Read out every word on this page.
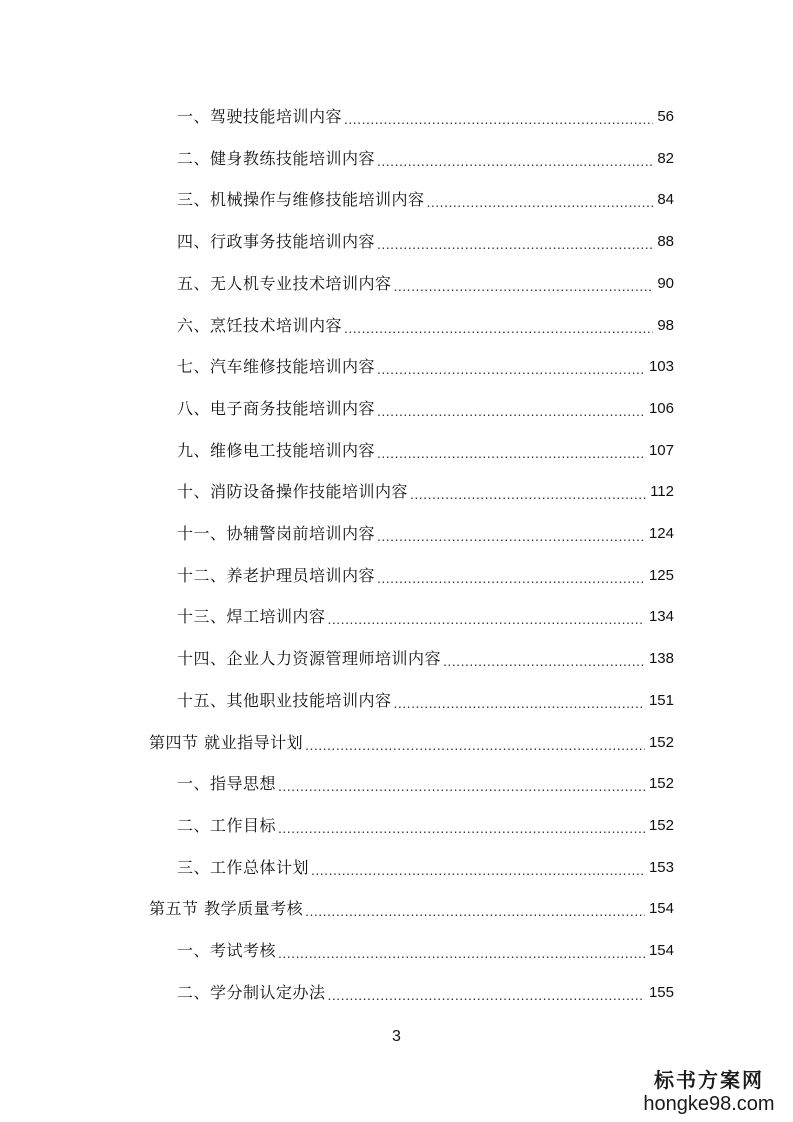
一、驾驶技能培训内容 .....	56
二、健身教练技能培训内容 .....	82
三、机械操作与维修技能培训内容 .....	84
四、行政事务技能培训内容 .....	88
五、无人机专业技术培训内容 .....	90
六、烹饪技术培训内容 .....	98
七、汽车维修技能培训内容 .....	103
八、电子商务技能培训内容 .....	106
九、维修电工技能培训内容 .....	107
十、消防设备操作技能培训内容 .....	112
十一、协辅警岗前培训内容 .....	124
十二、养老护理员培训内容 .....	125
十三、焊工培训内容 .....	134
十四、企业人力资源管理师培训内容 .....	138
十五、其他职业技能培训内容 .....	151
第四节 就业指导计划 .....	152
一、指导思想 .....	152
二、工作目标 .....	152
三、工作总体计划 .....	153
第五节 教学质量考核 .....	154
一、考试考核 .....	154
二、学分制认定办法 .....	155
3
标书方案网
hongke98.com
